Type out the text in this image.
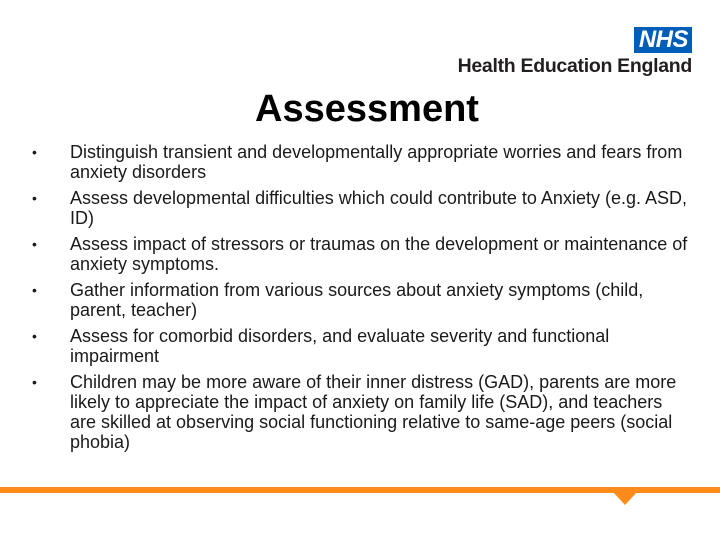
NHS
Health Education England
Assessment
• Distinguish transient and developmentally appropriate worries and fears from anxiety disorders
• Assess developmental difficulties which could contribute to Anxiety (e.g. ASD, ID)
• Assess impact of stressors or traumas on the development or maintenance of anxiety symptoms.
• Gather information from various sources about anxiety symptoms (child, parent, teacher)
• Assess for comorbid disorders, and evaluate severity and functional impairment
• Children may be more aware of their inner distress (GAD), parents are more likely to appreciate the impact of anxiety on family life (SAD), and teachers are skilled at observing social functioning relative to same-age peers (social phobia)
